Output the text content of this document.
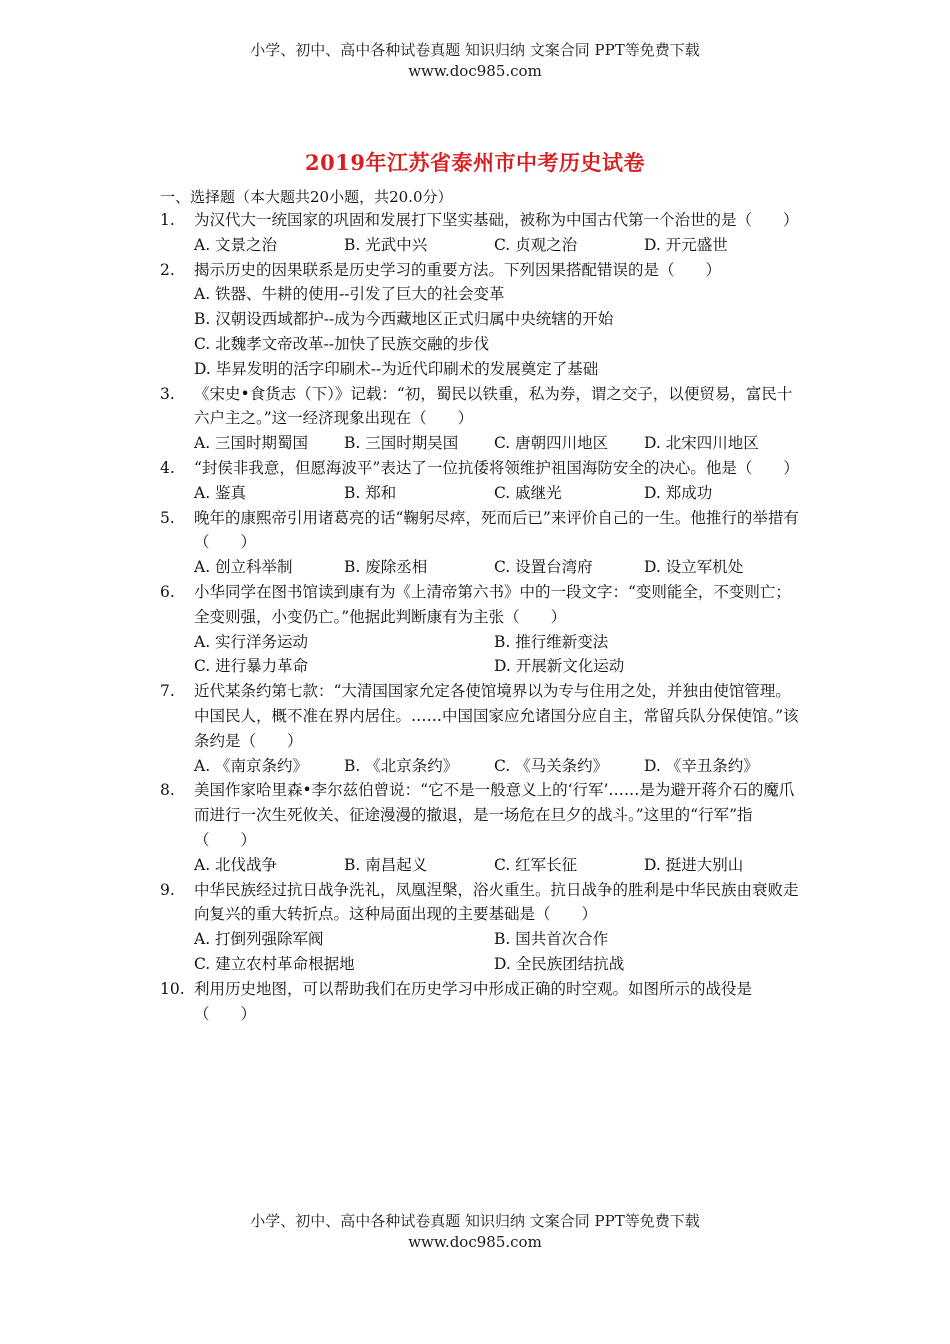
小学、初中、高中各种试卷真题 知识归纳 文案合同 PPT等免费下载
www.doc985.com
2019年江苏省泰州市中考历史试卷
一、选择题（本大题共20小题，共20.0分）
1.	为汉代大一统国家的巩固和发展打下坚实基础，被称为中国古代第一个治世的是（　　）
A. 文景之治	B. 光武中兴	C. 贞观之治	D. 开元盛世
2.	揭示历史的因果联系是历史学习的重要方法。下列因果搭配错误的是（　　）
A. 铁器、牛耕的使用--引发了巨大的社会变革
B. 汉朝设西域都护--成为今西藏地区正式归属中央统辖的开始
C. 北魏孝文帝改革--加快了民族交融的步伐
D. 毕昇发明的活字印刷术--为近代印刷术的发展奠定了基础
3.	《宋史•食货志（下）》记载：“初，蜀民以铁重，私为券，谓之交子，以便贸易，富民十六户主之。”这一经济现象出现在（　　）
A. 三国时期蜀国	B. 三国时期吴国	C. 唐朝四川地区	D. 北宋四川地区
4.	“封侯非我意，但愿海波平”表达了一位抗倭将领维护祖国海防安全的决心。他是（　　）
A. 鉴真	B. 郑和	C. 戚继光	D. 郑成功
5.	晚年的康熙帝引用诸葛亮的话“鞠躬尽瘁，死而后已”来评价自己的一生。他推行的举措有（　　）
A. 创立科举制	B. 废除丞相	C. 设置台湾府	D. 设立军机处
6.	小华同学在图书馆读到康有为《上清帝第六书》中的一段文字：“变则能全，不变则亡；全变则强，小变仍亡。”他据此判断康有为主张（　　）
A. 实行洋务运动	B. 推行维新变法
C. 进行暴力革命	D. 开展新文化运动
7.	近代某条约第七款：“大清国国家允定各使馆境界以为专与住用之处，并独由使馆管理。中国民人，概不准在界内居住。……中国国家应允诸国分应自主，常留兵队分保使馆。”该条约是（　　）
A. 《南京条约》	B. 《北京条约》	C. 《马关条约》	D. 《辛丑条约》
8.	美国作家哈里森•李尔兹伯曾说：“它不是一般意义上的‘行军’……是为避开蒋介石的魔爪而进行一次生死攸关、征途漫漫的撤退，是一场危在旦夕的战斗。”这里的“行军”指（　　）
A. 北伐战争	B. 南昌起义	C. 红军长征	D. 挺进大别山
9.	中华民族经过抗日战争洗礼，凤凰涅槃，浴火重生。抗日战争的胜利是中华民族由衰败走向复兴的重大转折点。这种局面出现的主要基础是（　　）
A. 打倒列强除军阀	B. 国共首次合作
C. 建立农村革命根据地	D. 全民族团结抗战
10. 利用历史地图，可以帮助我们在历史学习中形成正确的时空观。如图所示的战役是（　　）
小学、初中、高中各种试卷真题 知识归纳 文案合同 PPT等免费下载
www.doc985.com
